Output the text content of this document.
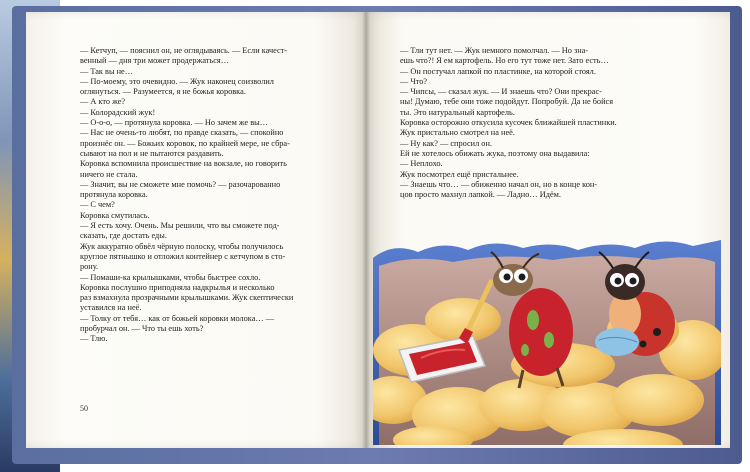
— Кетчуп, — пояснил он, не оглядываясь. — Если качест-

венный — дня три может продержаться…

— Так вы не…

— По-моему, это очевидно. — Жук наконец соизволил

оглянуться. — Разумеется, я не божья коровка.

— А кто же?

— Колорадский жук!

— О-о-о, — протянула коровка. — Но зачем же вы…

— Нас не очень-то любят, по правде сказать, — спокойно

произнёс он. — Божьих коровок, по крайней мере, не сбра-

сывают на пол и не пытаются раздавить.

Коровка вспомнила происшествие на вокзале, но говорить

ничего не стала.

— Значит, вы не сможете мне помочь? — разочарованно

протянула коровка.

— С чем?

Коровка смутилась.

— Я есть хочу. Очень. Мы решили, что вы сможете под-

сказать, где достать еды.

Жук аккуратно обвёл чёрную полоску, чтобы получилось

круглое пятнышко и отложил контейнер с кетчупом в сто-

рону.

— Помаши-ка крылышками, чтобы быстрее сохло.

Коровка послушно приподняла надкрылья и несколько

раз взмахнула прозрачными крылышками. Жук скептически

уставился на неё.

— Толку от тебя… как от божьей коровки молока… —

пробурчал он. — Что ты ешь хоть?

— Тлю.

50

— Тли тут нет. — Жук немного помолчал. — Но зна-

ешь что?! Я ем картофель. Но его тут тоже нет. Зато есть…

— Он постучал лапкой по пластинке, на которой стоял.

— Что?

— Чипсы, — сказал жук. — И знаешь что? Они прекрас-

ны! Думаю, тебе они тоже подойдут. Попробуй. Да не бойся

ты. Это натуральный картофель.

Коровка осторожно откусила кусочек ближайшей пластинки.

Жук пристально смотрел на неё.

— Ну как? — спросил он.

Ей не хотелось обижать жука, поэтому она выдавила:

— Неплохо.

Жук посмотрел ещё пристальнее.

— Знаешь что… — обиженно начал он, но в конце кон-

цов просто махнул лапкой. — Ладно… Идём.
